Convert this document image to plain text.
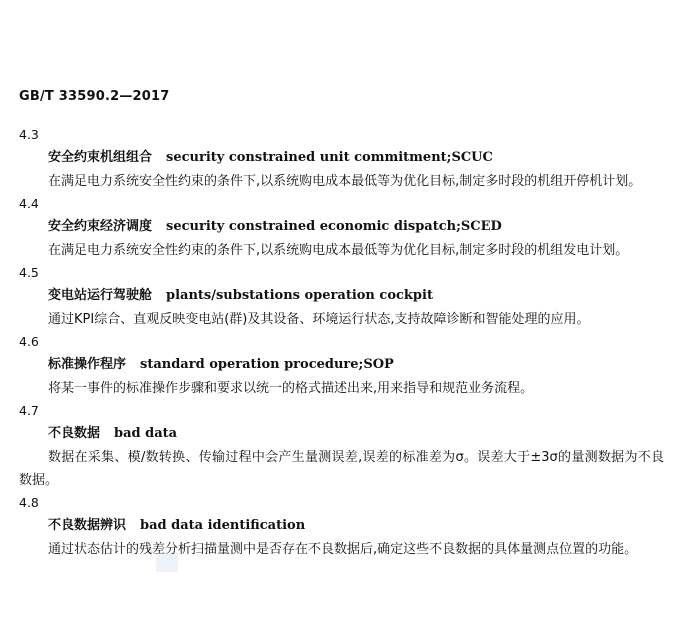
GB/T 33590.2—2017
4.3
安全约束机组组合 security constrained unit commitment;SCUC

在满足电力系统安全性约束的条件下,以系统购电成本最低等为优化目标,制定多时段的机组开停机计划。

4.4
安全约束经济调度 security constrained economic dispatch;SCED

在满足电力系统安全性约束的条件下,以系统购电成本最低等为优化目标,制定多时段的机组发电计划。

4.5
变电站运行驾驶舱 plants/substations operation cockpit

通过KPI综合、直观反映变电站(群)及其设备、环境运行状态,支持故障诊断和智能处理的应用。

4.6
标准操作程序 standard operation procedure;SOP

将某一事件的标准操作步骤和要求以统一的格式描述出来,用来指导和规范业务流程。

4.7
不良数据 bad data

数据在采集、模/数转换、传输过程中会产生量测误差,误差的标准差为σ。误差大于±3σ的量测数据为不良数据。

4.8
不良数据辨识 bad data identification

通过状态估计的残差分析扫描量测中是否存在不良数据后,确定这些不良数据的具体量测点位置的功能。
